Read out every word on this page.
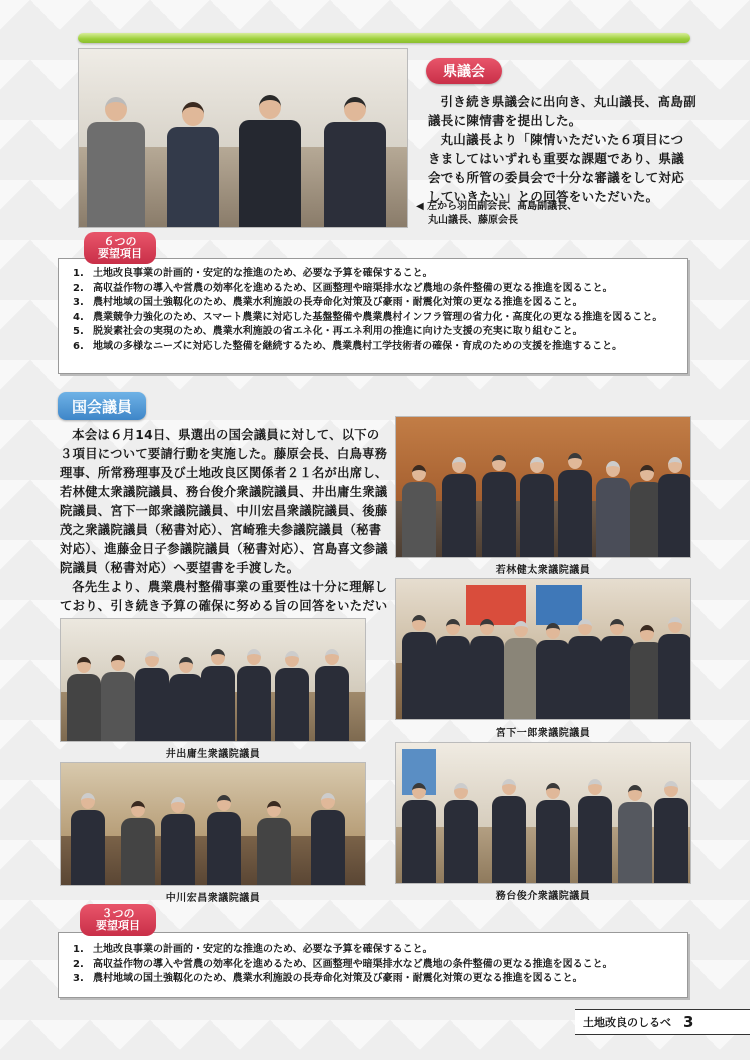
県議会

引き続き県議会に出向き、丸山議長、髙島副議長に陳情書を提出した。

丸山議長より「陳情いただいた６項目につきましてはいずれも重要な課題であり、県議会でも所管の委員会で十分な審議をして対応していきたい」との回答をいただいた。

◀ 左から羽田副会長、髙島副議長、
丸山議長、藤原会長
1. 土地改良事業の計画的・安定的な推進のため、必要な予算を確保すること。
2. 高収益作物の導入や営農の効率化を進めるため、区画整理や暗渠排水など農地の条件整備の更なる推進を図ること。
3. 農村地域の国土強靱化のため、農業水利施設の長寿命化対策及び豪雨・耐震化対策の更なる推進を図ること。
4. 農業競争力強化のため、スマート農業に対応した基盤整備や農業農村インフラ管理の省力化・高度化の更なる推進を図ること。
5. 脱炭素社会の実現のため、農業水利施設の省エネ化・再エネ利用の推進に向けた支援の充実に取り組むこと。
6. 地域の多様なニーズに対応した整備を継続するため、農業農村工学技術者の確保・育成のための支援を推進すること。
６つの
要望項目
国会議員

本会は６月14日、県選出の国会議員に対して、以下の３項目について要請行動を実施した。藤原会長、白鳥専務理事、所常務理事及び土地改良区関係者２１名が出席し、若林健太衆議院議員、務台俊介衆議院議員、井出庸生衆議院議員、宮下一郎衆議院議員、中川宏昌衆議院議員、後藤茂之衆議院議員（秘書対応）、宮崎雅夫参議院議員（秘書対応）、進藤金日子参議院議員（秘書対応）、宮島喜文参議院議員（秘書対応）へ要望書を手渡した。

各先生より、農業農村整備事業の重要性は十分に理解しており、引き続き予算の確保に努める旨の回答をいただい

若林健太衆議院議員
宮下一郎衆議院議員
務台俊介衆議院議員
井出庸生衆議院議員
中川宏昌衆議院議員
1. 土地改良事業の計画的・安定的な推進のため、必要な予算を確保すること。
2. 高収益作物の導入や営農の効率化を進めるため、区画整理や暗渠排水など農地の条件整備の更なる推進を図ること。
3. 農村地域の国土強靱化のため、農業水利施設の長寿命化対策及び豪雨・耐震化対策の更なる推進を図ること。
３つの
要望項目
土地改良のしるべ 3
